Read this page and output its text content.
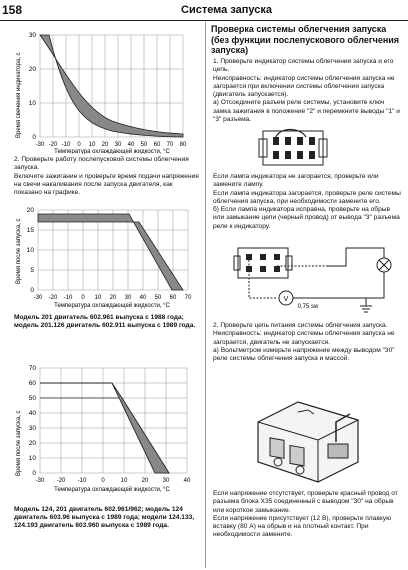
158	Система запуска
Время свечения индикатора, с
30
20
10
0
-30 -20 -10 0 10 20 30 40 50 60 70 80
Температура охлаждающей жидкости, °С

2. Проверьте работу послепусковой системы облегчения запуска.

Включите зажигание и проверьте время подачи напряжения на свечи накаливания после запуска двигателя, как показано на графике.

Время после запуска, с
20
15
10
5
0
-30 -20 -10 0 10 20 30 40 50 60 70
Температура охлаждающей жидкости, °С

Модель 201 двигатель 602.961 выпуска с 1988 года; модель 201.126 двигатель 602.911 выпуска с 1989 года.

Время после запуска, с
70
60
50
40
30
20
10
0
-30 -20 -10 0	10 20 30 40
Температура охлаждающей жидкости, °С

Модель 124, 201 двигатель 602.961/962; модель 124 двигатель 603.96 выпуска с 1989 года; модели 124.133, 124.193 двигатель 603.960 выпуска с 1989 года.

Проверка системы облегчения запуска (без функции послепускового облегчения запуска)

1. Проверьте индикатор системы облегчения запуска и его цепь.

Неисправность: индикатор системы облегчения запуска не загорается при включении системы облегчения запуска (двигатель запускается).

а) Отсоедините разъем реле системы, установите ключ замка зажигания в положение "2" и перемкните выводы "1" и "3" разъема.

Если лампа индикатора не загорается, проверьте или замените лампу.

Если лампа индикатора загорается, проверьте реле системы облегчения запуска, при необходимости замените его.

б) Если лампа индикатора исправна, проверьте на обрыв или замыкание цепи (черный провод) от вывода "3" разъема реле к индикатору.

V
0,75 sw

2. Проверьте цепь питания системы облегчения запуска.

Неисправность: индикатор системы облегчения запуска не загорается, двигатель не запускается.

а) Вольтметром измерьте напряжение между выводом "30" реле системы облегчения запуска и массой.

Если напряжение отсутствует, проверьте красный провод от разъема блока Х35 соединенный с выводом "30" на обрыв или короткое замыкание.

Если напряжение присутствует (12 В), проверьте плавкую вставку (80 А) на обрыв и на плотный контакт. При необходимости замените.
